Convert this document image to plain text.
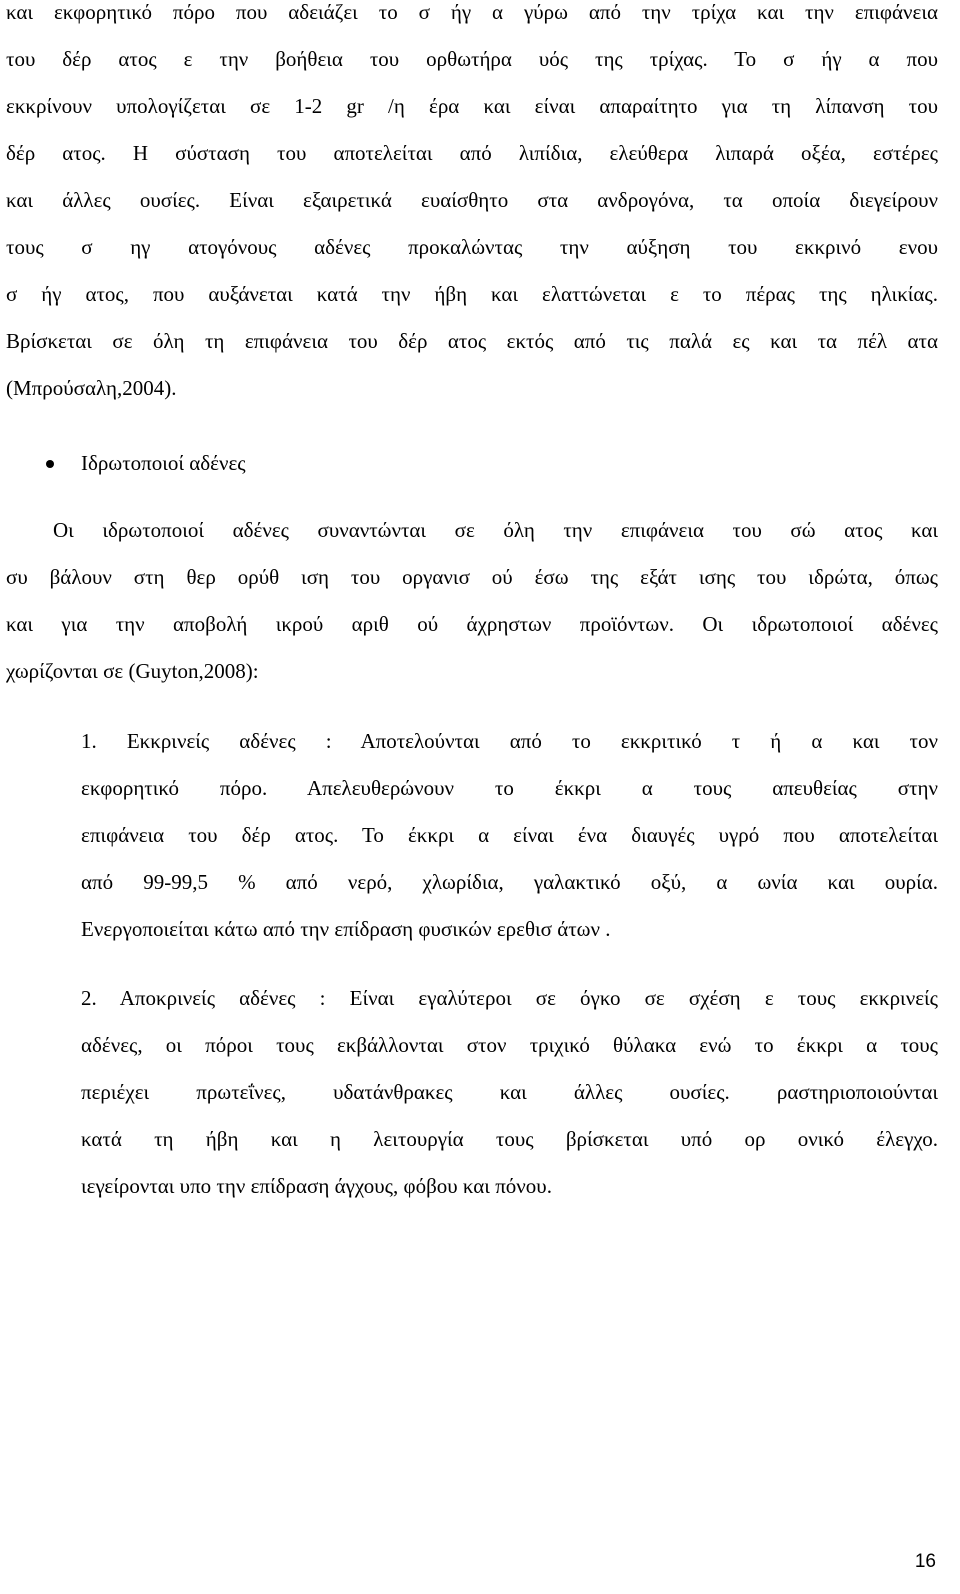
και εκφορητικό πόρο που αδειάζει το σ ήγ α γύρω από την τρίχα και την επιφάνεια
του δέρ ατος ε την βοήθεια του ορθωτήρα υός της τρίχας. Το σ ήγ α που
εκκρίνουν υπολογίζεται σε 1-2 gr /η έρα και είναι απαραίτητο για τη λίπανση του
δέρ ατος. Η σύσταση του αποτελείται από λιπίδια, ελεύθερα λιπαρά οξέα, εστέρες
και άλλες ουσίες. Είναι εξαιρετικά ευαίσθητο στα ανδρογόνα, τα οποία διεγείρουν
τους σ ηγ ατογόνους αδένες προκαλώντας την αύξηση του εκκρινό ενου
σ ήγ ατος, που αυξάνεται κατά την ήβη και ελαττώνεται ε το πέρας της ηλικίας.
Βρίσκεται σε όλη τη επιφάνεια του δέρ ατος εκτός από τις παλά ες και τα πέλ ατα
(Μπρούσαλη,2004).
Ιδρωτοποιοί αδένες
Οι ιδρωτοποιοί αδένες συναντώνται σε όλη την επιφάνεια του σώ ατος και
συ βάλουν στη θερ ορύθ ιση του οργανισ ού έσω της εξάτ ισης του ιδρώτα, όπως
και για την αποβολή ικρού αριθ ού άχρηστων προϊόντων. Οι ιδρωτοποιοί αδένες
χωρίζονται σε (Guyton,2008):
1. Εκκρινείς αδένες : Αποτελούνται από το εκκριτικό τ ή α και τον
εκφορητικό πόρο. Απελευθερώνουν το έκκρι α τους απευθείας στην
επιφάνεια του δέρ ατος. Το έκκρι α είναι ένα διαυγές υγρό που αποτελείται
από 99-99,5 % από νερό, χλωρίδια, γαλακτικό οξύ, α ωνία και ουρία.
Ενεργοποιείται κάτω από την επίδραση φυσικών ερεθισ άτων .
2. Αποκρινείς αδένες : Είναι εγαλύτεροι σε όγκο σε σχέση ε τους εκκρινείς
αδένες, οι πόροι τους εκβάλλονται στον τριχικό θύλακα ενώ το έκκρι α τους
περιέχει πρωτεΐνες, υδατάνθρακες και άλλες ουσίες. ραστηριοποιούνται
κατά τη ήβη και η λειτουργία τους βρίσκεται υπό ορ ονικό έλεγχο.
ιεγείρονται υπο την επίδραση άγχους, φόβου και πόνου.
16
